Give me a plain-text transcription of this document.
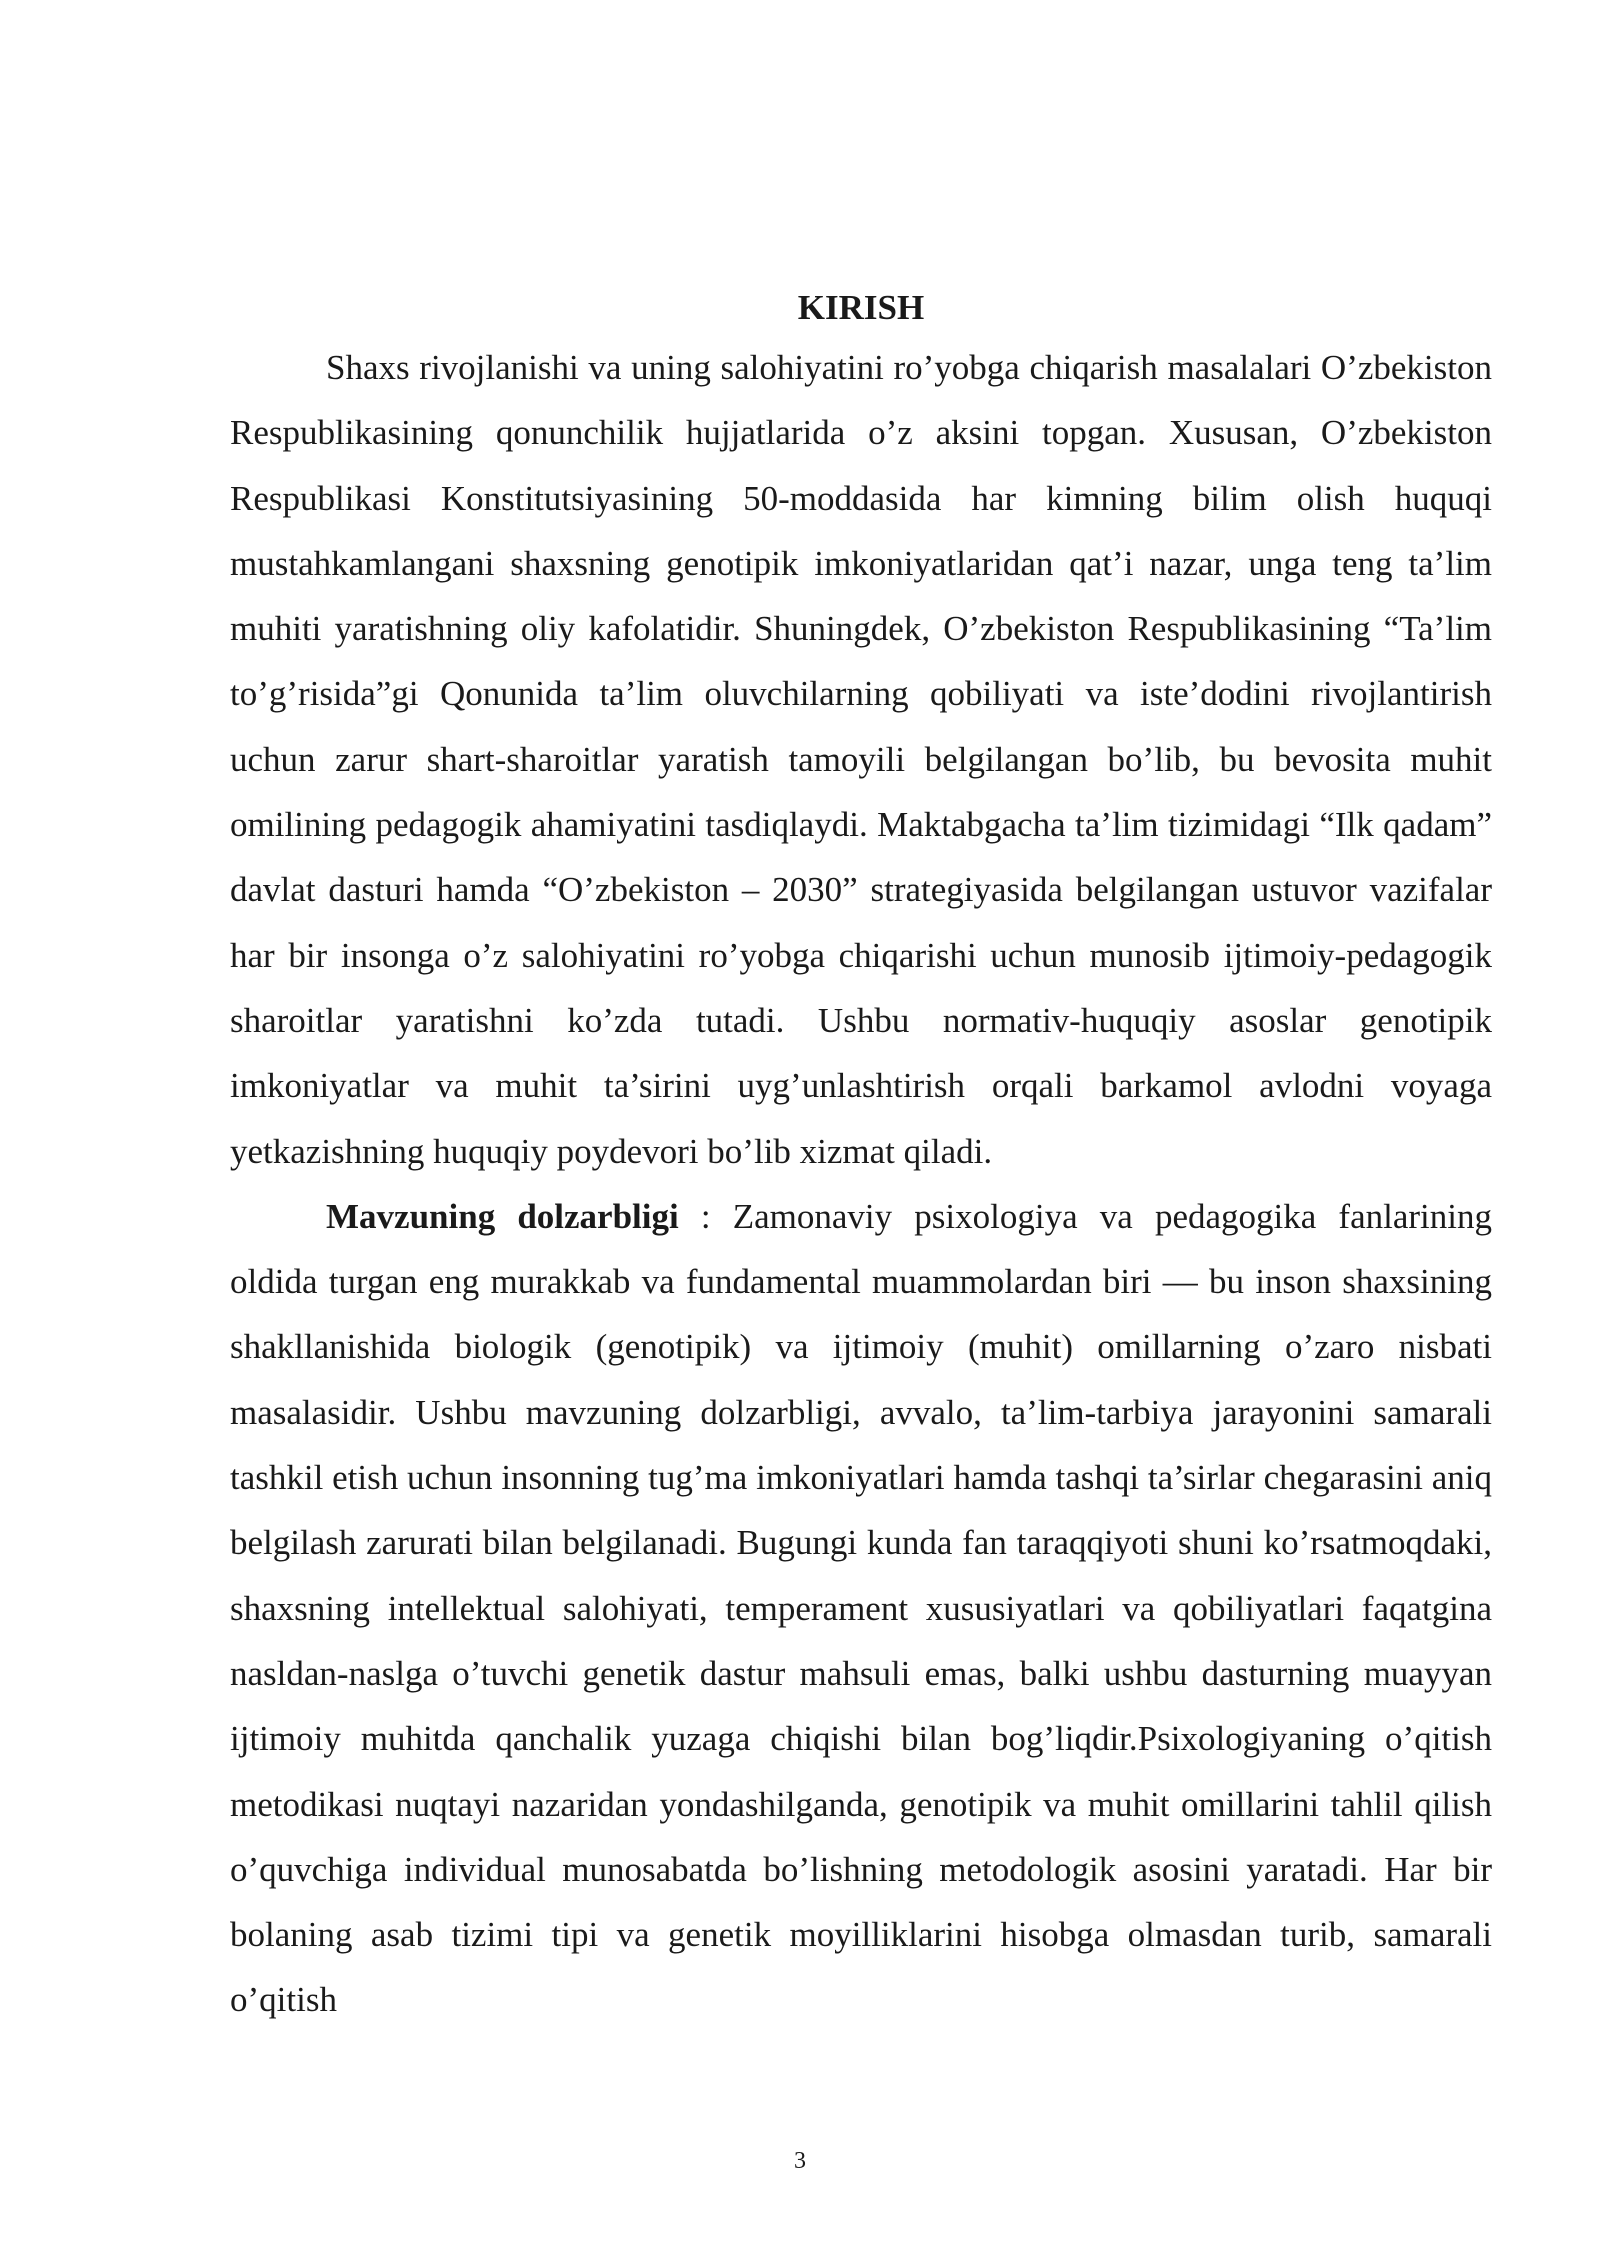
KIRISH

Shaxs rivojlanishi va uning salohiyatini ro’yobga chiqarish masalalari O’zbekiston Respublikasining qonunchilik hujjatlarida o’z aksini topgan. Xususan, O’zbekiston Respublikasi Konstitutsiyasining 50-moddasida har kimning bilim olish huquqi mustahkamlangani shaxsning genotipik imkoniyatlaridan qat’i nazar, unga teng ta’lim muhiti yaratishning oliy kafolatidir. Shuningdek, O’zbekiston Respublikasining “Ta’lim to’g’risida”gi Qonunida ta’lim oluvchilarning qobiliyati va iste’dodini rivojlantirish uchun zarur shart-sharoitlar yaratish tamoyili belgilangan bo’lib, bu bevosita muhit omilining pedagogik ahamiyatini tasdiqlaydi. Maktabgacha ta’lim tizimidagi “Ilk qadam” davlat dasturi hamda “O’zbekiston – 2030” strategiyasida belgilangan ustuvor vazifalar har bir insonga o’z salohiyatini ro’yobga chiqarishi uchun munosib ijtimoiy-pedagogik sharoitlar yaratishni ko’zda tutadi. Ushbu normativ-huquqiy asoslar genotipik imkoniyatlar va muhit ta’sirini uyg’unlashtirish orqali barkamol avlodni voyaga yetkazishning huquqiy poydevori bo’lib xizmat qiladi.

Mavzuning dolzarbligi : Zamonaviy psixologiya va pedagogika fanlarining oldida turgan eng murakkab va fundamental muammolardan biri — bu inson shaxsining shakllanishida biologik (genotipik) va ijtimoiy (muhit) omillarning o’zaro nisbati masalasidir. Ushbu mavzuning dolzarbligi, avvalo, ta’lim-tarbiya jarayonini samarali tashkil etish uchun insonning tug’ma imkoniyatlari hamda tashqi ta’sirlar chegarasini aniq belgilash zarurati bilan belgilanadi. Bugungi kunda fan taraqqiyoti shuni ko’rsatmoqdaki, shaxsning intellektual salohiyati, temperament xususiyatlari va qobiliyatlari faqatgina nasldan-naslga o’tuvchi genetik dastur mahsuli emas, balki ushbu dasturning muayyan ijtimoiy muhitda qanchalik yuzaga chiqishi bilan bog’liqdir.Psixologiyaning o’qitish metodikasi nuqtayi nazaridan yondashilganda, genotipik va muhit omillarini tahlil qilish o’quvchiga individual munosabatda bo’lishning metodologik asosini yaratadi. Har bir bolaning asab tizimi tipi va genetik moyilliklarini hisobga olmasdan turib, samarali o’qitish

3
